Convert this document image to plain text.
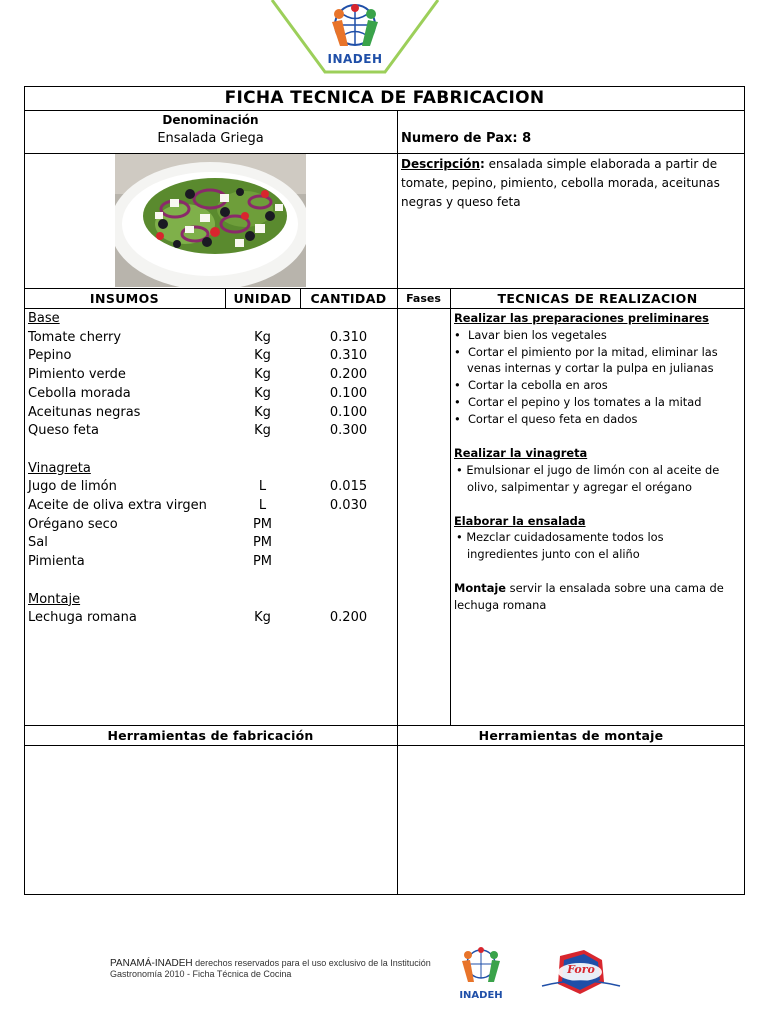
INADEH
FICHA TECNICA DE FABRICACION
Denominación
Ensalada Griega	Numero de Pax: 8
Descripción: ensalada simple elaborada a partir de
tomate, pepino, pimiento, cebolla morada, aceitunas
negras y queso feta
INSUMOS	UNIDAD	CANTIDAD	Fases	TECNICAS DE REALIZACION
Base
Tomate cherry	Kg	0.310
Pepino	Kg	0.310
Pimiento verde	Kg	0.200
Cebolla morada	Kg	0.100
Aceitunas negras	Kg	0.100
Queso feta	Kg	0.300
Vinagreta
Jugo de limón	L	0.015
Aceite de oliva extra virgen	L	0.030
Orégano seco	PM
Sal	PM
Pimienta	PM
Montaje
Lechuga romana	Kg	0.200
Realizar las preparaciones preliminares
•  Lavar bien los vegetales
•  Cortar el pimiento por la mitad, eliminar las
venas internas y cortar la pulpa en julianas
•  Cortar la cebolla en aros
•  Cortar el pepino y los tomates a la mitad
•  Cortar el queso feta en dados
Realizar la vinagreta
• Emulsionar el jugo de limón con al aceite de
olivo, salpimentar y agregar el orégano
Elaborar la ensalada
• Mezclar cuidadosamente todos los
ingredientes junto con el aliño
Montaje servir la ensalada sobre una cama de
lechuga romana
Herramientas de fabricación	Herramientas de montaje
PANAMÁ-INADEH derechos reservados para el uso exclusivo de la Institución
Gastronomía 2010 - Ficha Técnica de Cocina
INADEH
Foro
